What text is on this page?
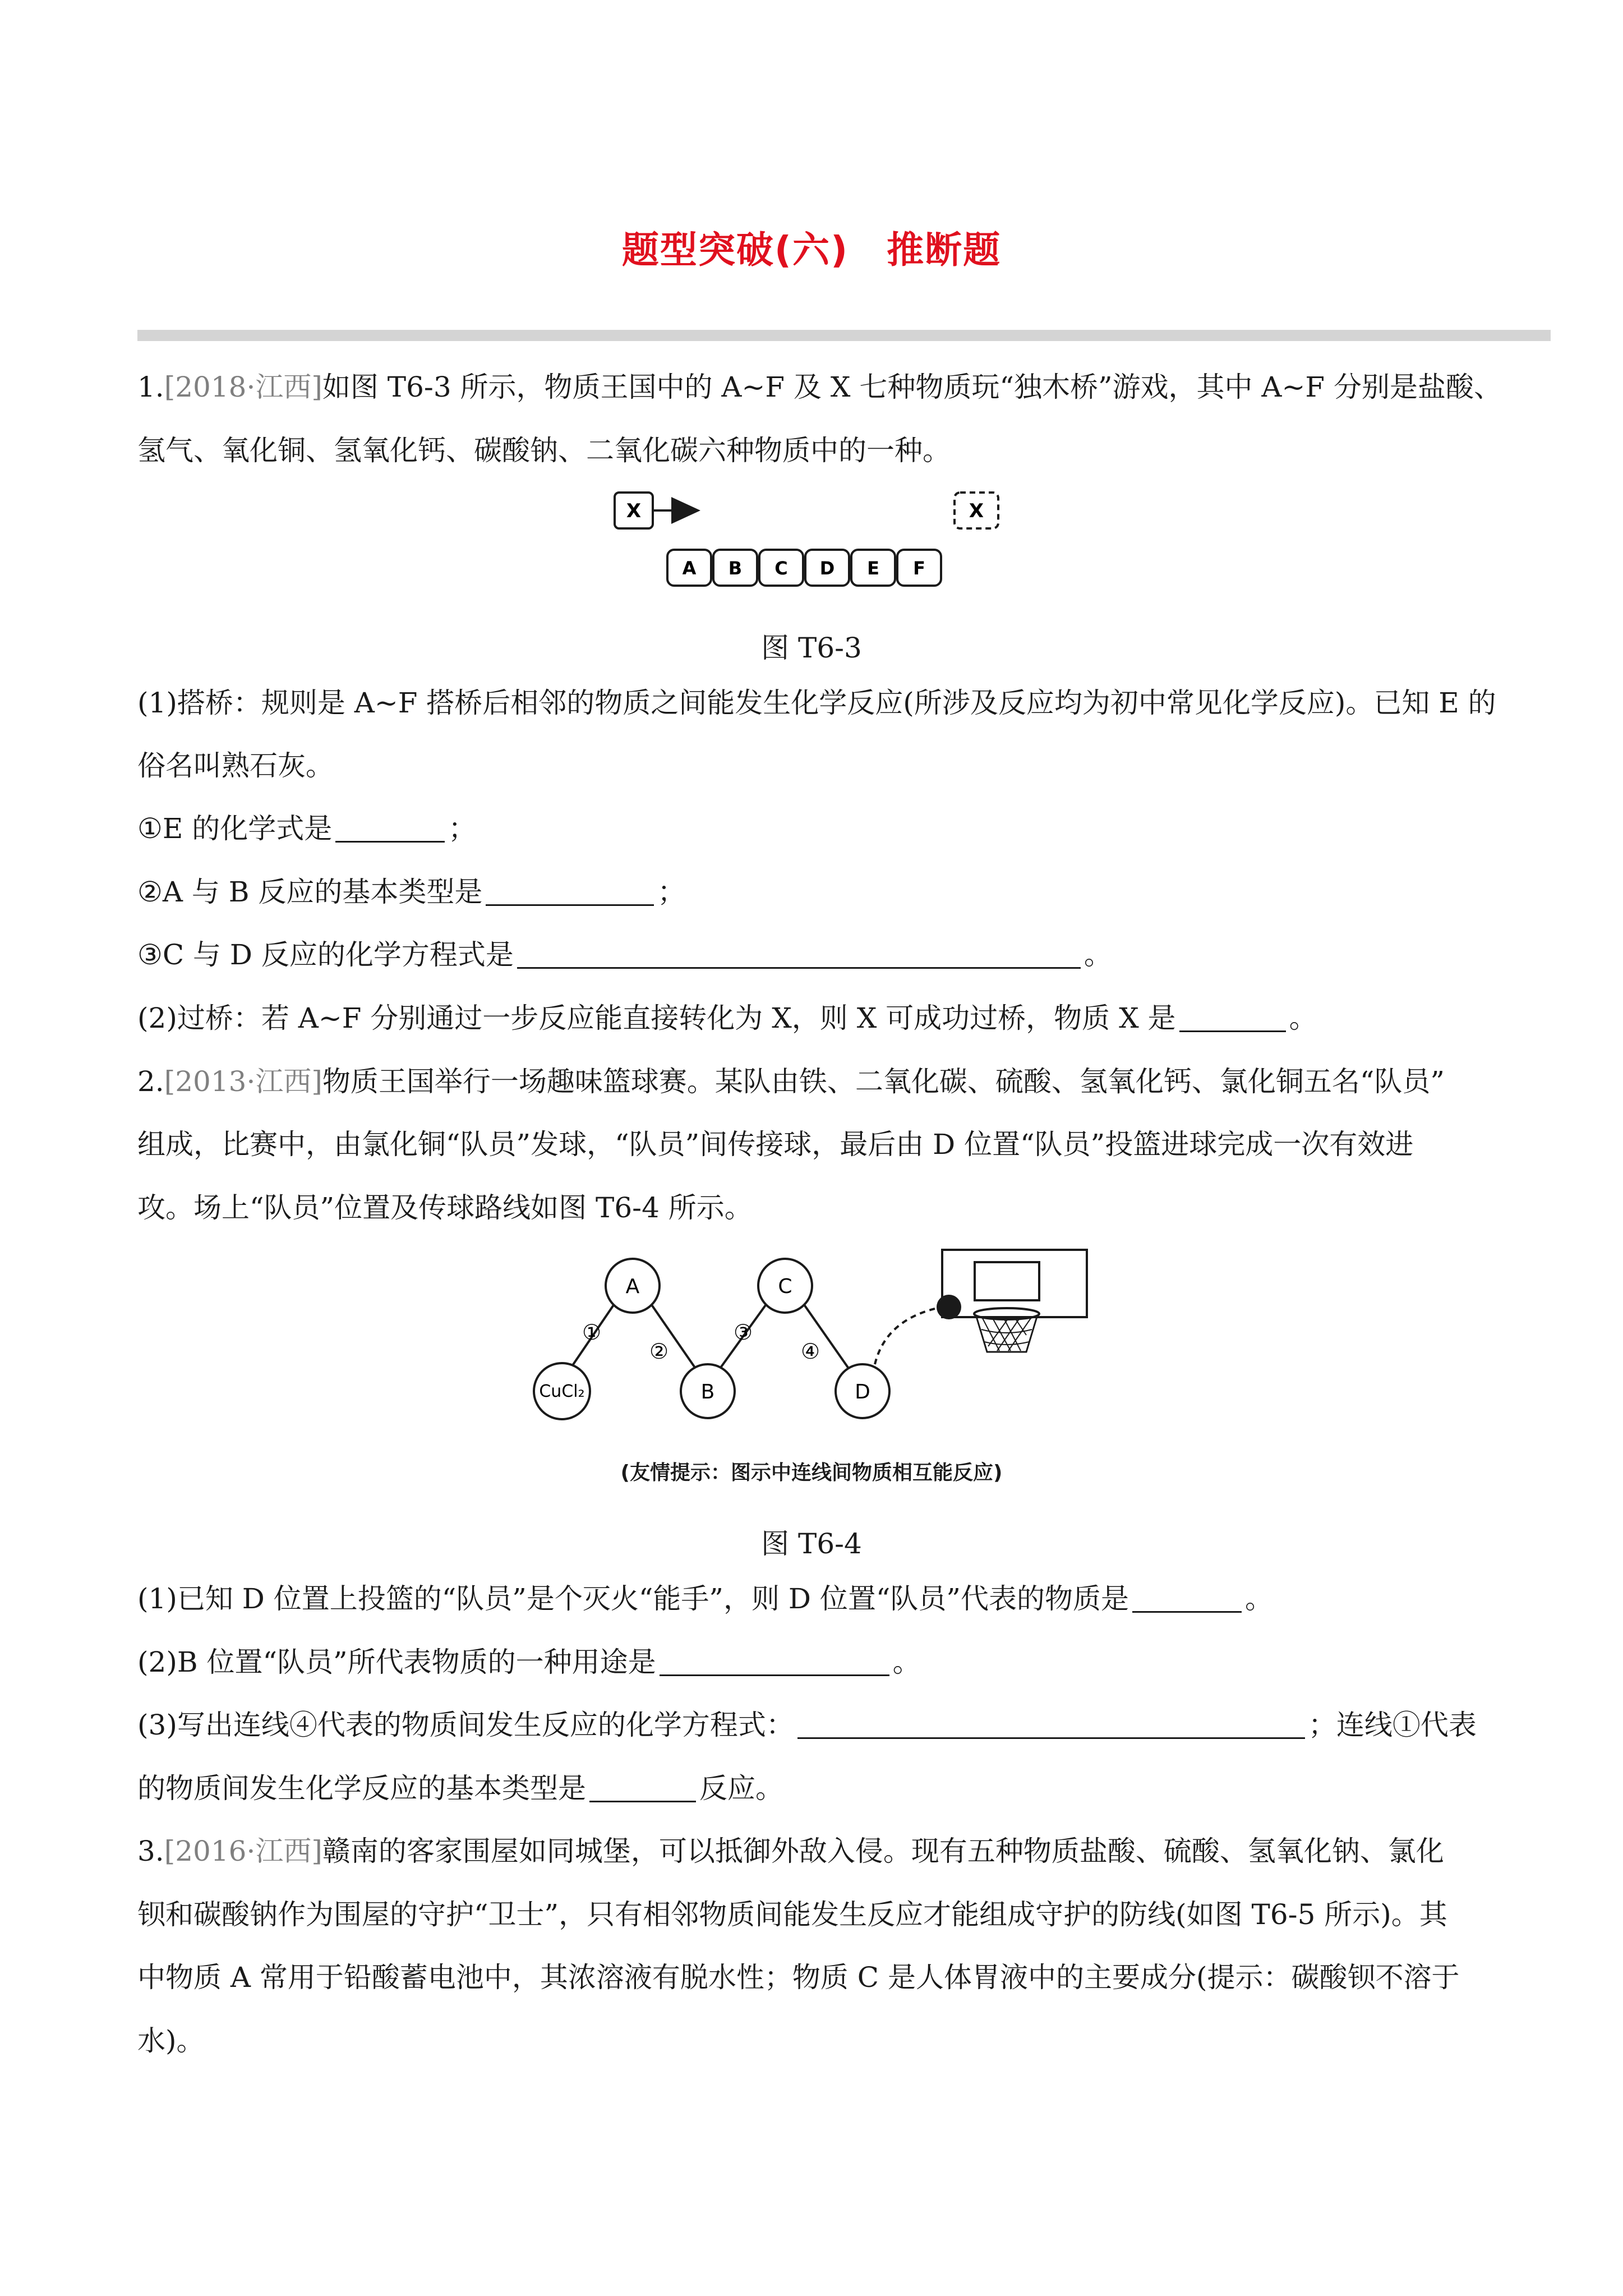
题型突破(六)　推断题
1.[2018·江西]如图 T6-3 所示，物质王国中的 A~F 及 X 七种物质玩“独木桥”游戏，其中 A~F 分别是盐酸、
氢气、氧化铜、氢氧化钙、碳酸钠、二氧化碳六种物质中的一种。
X	X
A B C D E F
图 T6-3
(1)搭桥：规则是 A~F 搭桥后相邻的物质之间能发生化学反应(所涉及反应均为初中常见化学反应)。已知 E 的
俗名叫熟石灰。
①E 的化学式是	；
②A 与 B 反应的基本类型是	；
③C 与 D 反应的化学方程式是	。
(2)过桥：若 A~F 分别通过一步反应能直接转化为 X，则 X 可成功过桥，物质 X 是	。
2.[2013·江西]物质王国举行一场趣味篮球赛。某队由铁、二氧化碳、硫酸、氢氧化钙、氯化铜五名“队员”
组成，比赛中，由氯化铜“队员”发球，“队员”间传接球，最后由 D 位置“队员”投篮进球完成一次有效进
攻。场上“队员”位置及传球路线如图 T6-4 所示。
①
②
③
④
CuCl₂
A
B
C
D
(友情提示：图示中连线间物质相互能反应)
图 T6-4
(1)已知 D 位置上投篮的“队员”是个灭火“能手”，则 D 位置“队员”代表的物质是	。
(2)B 位置“队员”所代表物质的一种用途是	。
(3)写出连线④代表的物质间发生反应的化学方程式：	；连线①代表
的物质间发生化学反应的基本类型是	反应。
3.[2016·江西]赣南的客家围屋如同城堡，可以抵御外敌入侵。现有五种物质盐酸、硫酸、氢氧化钠、氯化
钡和碳酸钠作为围屋的守护“卫士”，只有相邻物质间能发生反应才能组成守护的防线(如图 T6-5 所示)。其
中物质 A 常用于铅酸蓄电池中，其浓溶液有脱水性；物质 C 是人体胃液中的主要成分(提示：碳酸钡不溶于
水)。
